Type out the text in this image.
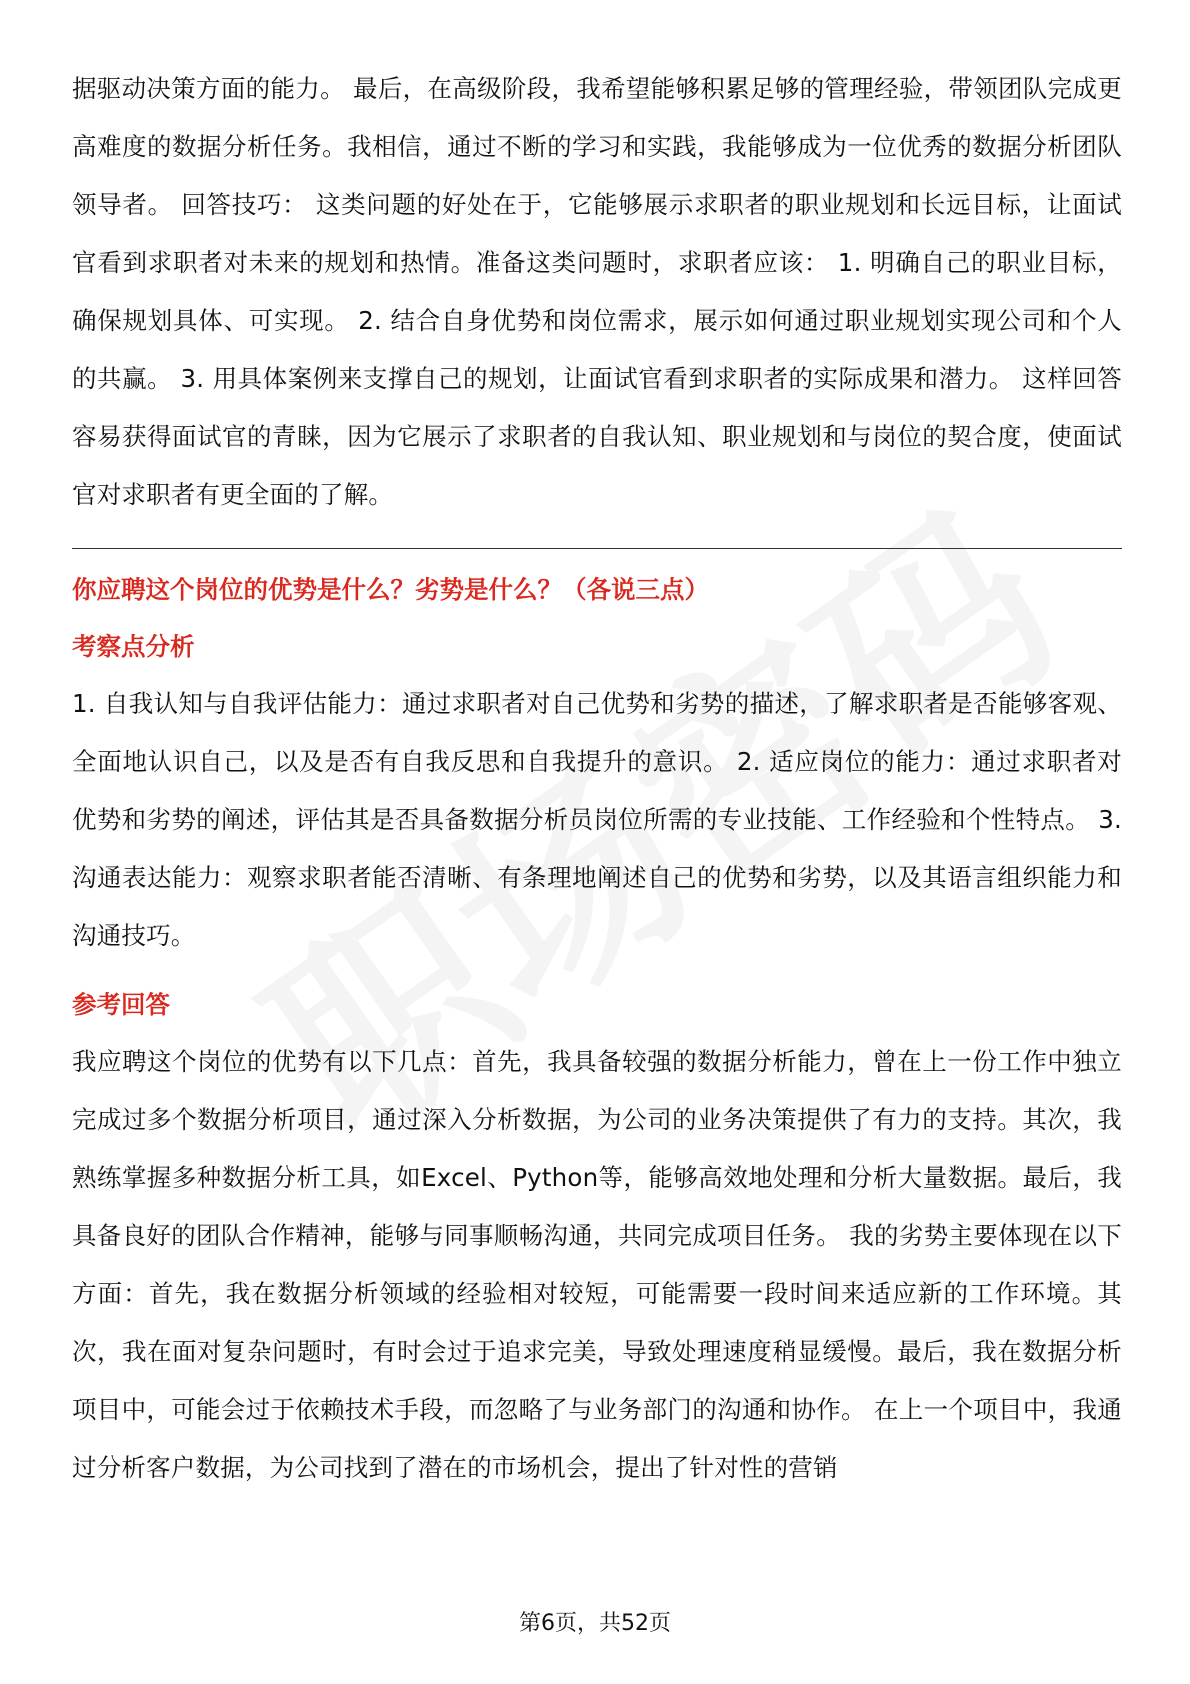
据驱动决策方面的能力。 最后，在高级阶段，我希望能够积累足够的管理经验，带领团队完成更高难度的数据分析任务。我相信，通过不断的学习和实践，我能够成为一位优秀的数据分析团队领导者。 回答技巧： 这类问题的好处在于，它能够展示求职者的职业规划和长远目标，让面试官看到求职者对未来的规划和热情。准备这类问题时，求职者应该： 1. 明确自己的职业目标，确保规划具体、可实现。 2. 结合自身优势和岗位需求，展示如何通过职业规划实现公司和个人的共赢。 3. 用具体案例来支撑自己的规划，让面试官看到求职者的实际成果和潜力。 这样回答容易获得面试官的青睐，因为它展示了求职者的自我认知、职业规划和与岗位的契合度，使面试官对求职者有更全面的了解。

你应聘这个岗位的优势是什么？劣势是什么？（各说三点）

考察点分析

1. 自我认知与自我评估能力：通过求职者对自己优势和劣势的描述，了解求职者是否能够客观、全面地认识自己，以及是否有自我反思和自我提升的意识。 2. 适应岗位的能力：通过求职者对优势和劣势的阐述，评估其是否具备数据分析员岗位所需的专业技能、工作经验和个性特点。 3. 沟通表达能力：观察求职者能否清晰、有条理地阐述自己的优势和劣势，以及其语言组织能力和沟通技巧。

参考回答

我应聘这个岗位的优势有以下几点：首先，我具备较强的数据分析能力，曾在上一份工作中独立完成过多个数据分析项目，通过深入分析数据，为公司的业务决策提供了有力的支持。其次，我熟练掌握多种数据分析工具，如Excel、Python等，能够高效地处理和分析大量数据。最后，我具备良好的团队合作精神，能够与同事顺畅沟通，共同完成项目任务。 我的劣势主要体现在以下方面：首先，我在数据分析领域的经验相对较短，可能需要一段时间来适应新的工作环境。其次，我在面对复杂问题时，有时会过于追求完美，导致处理速度稍显缓慢。最后，我在数据分析项目中，可能会过于依赖技术手段，而忽略了与业务部门的沟通和协作。 在上一个项目中，我通过分析客户数据，为公司找到了潜在的市场机会，提出了针对性的营销

第6页，共52页
